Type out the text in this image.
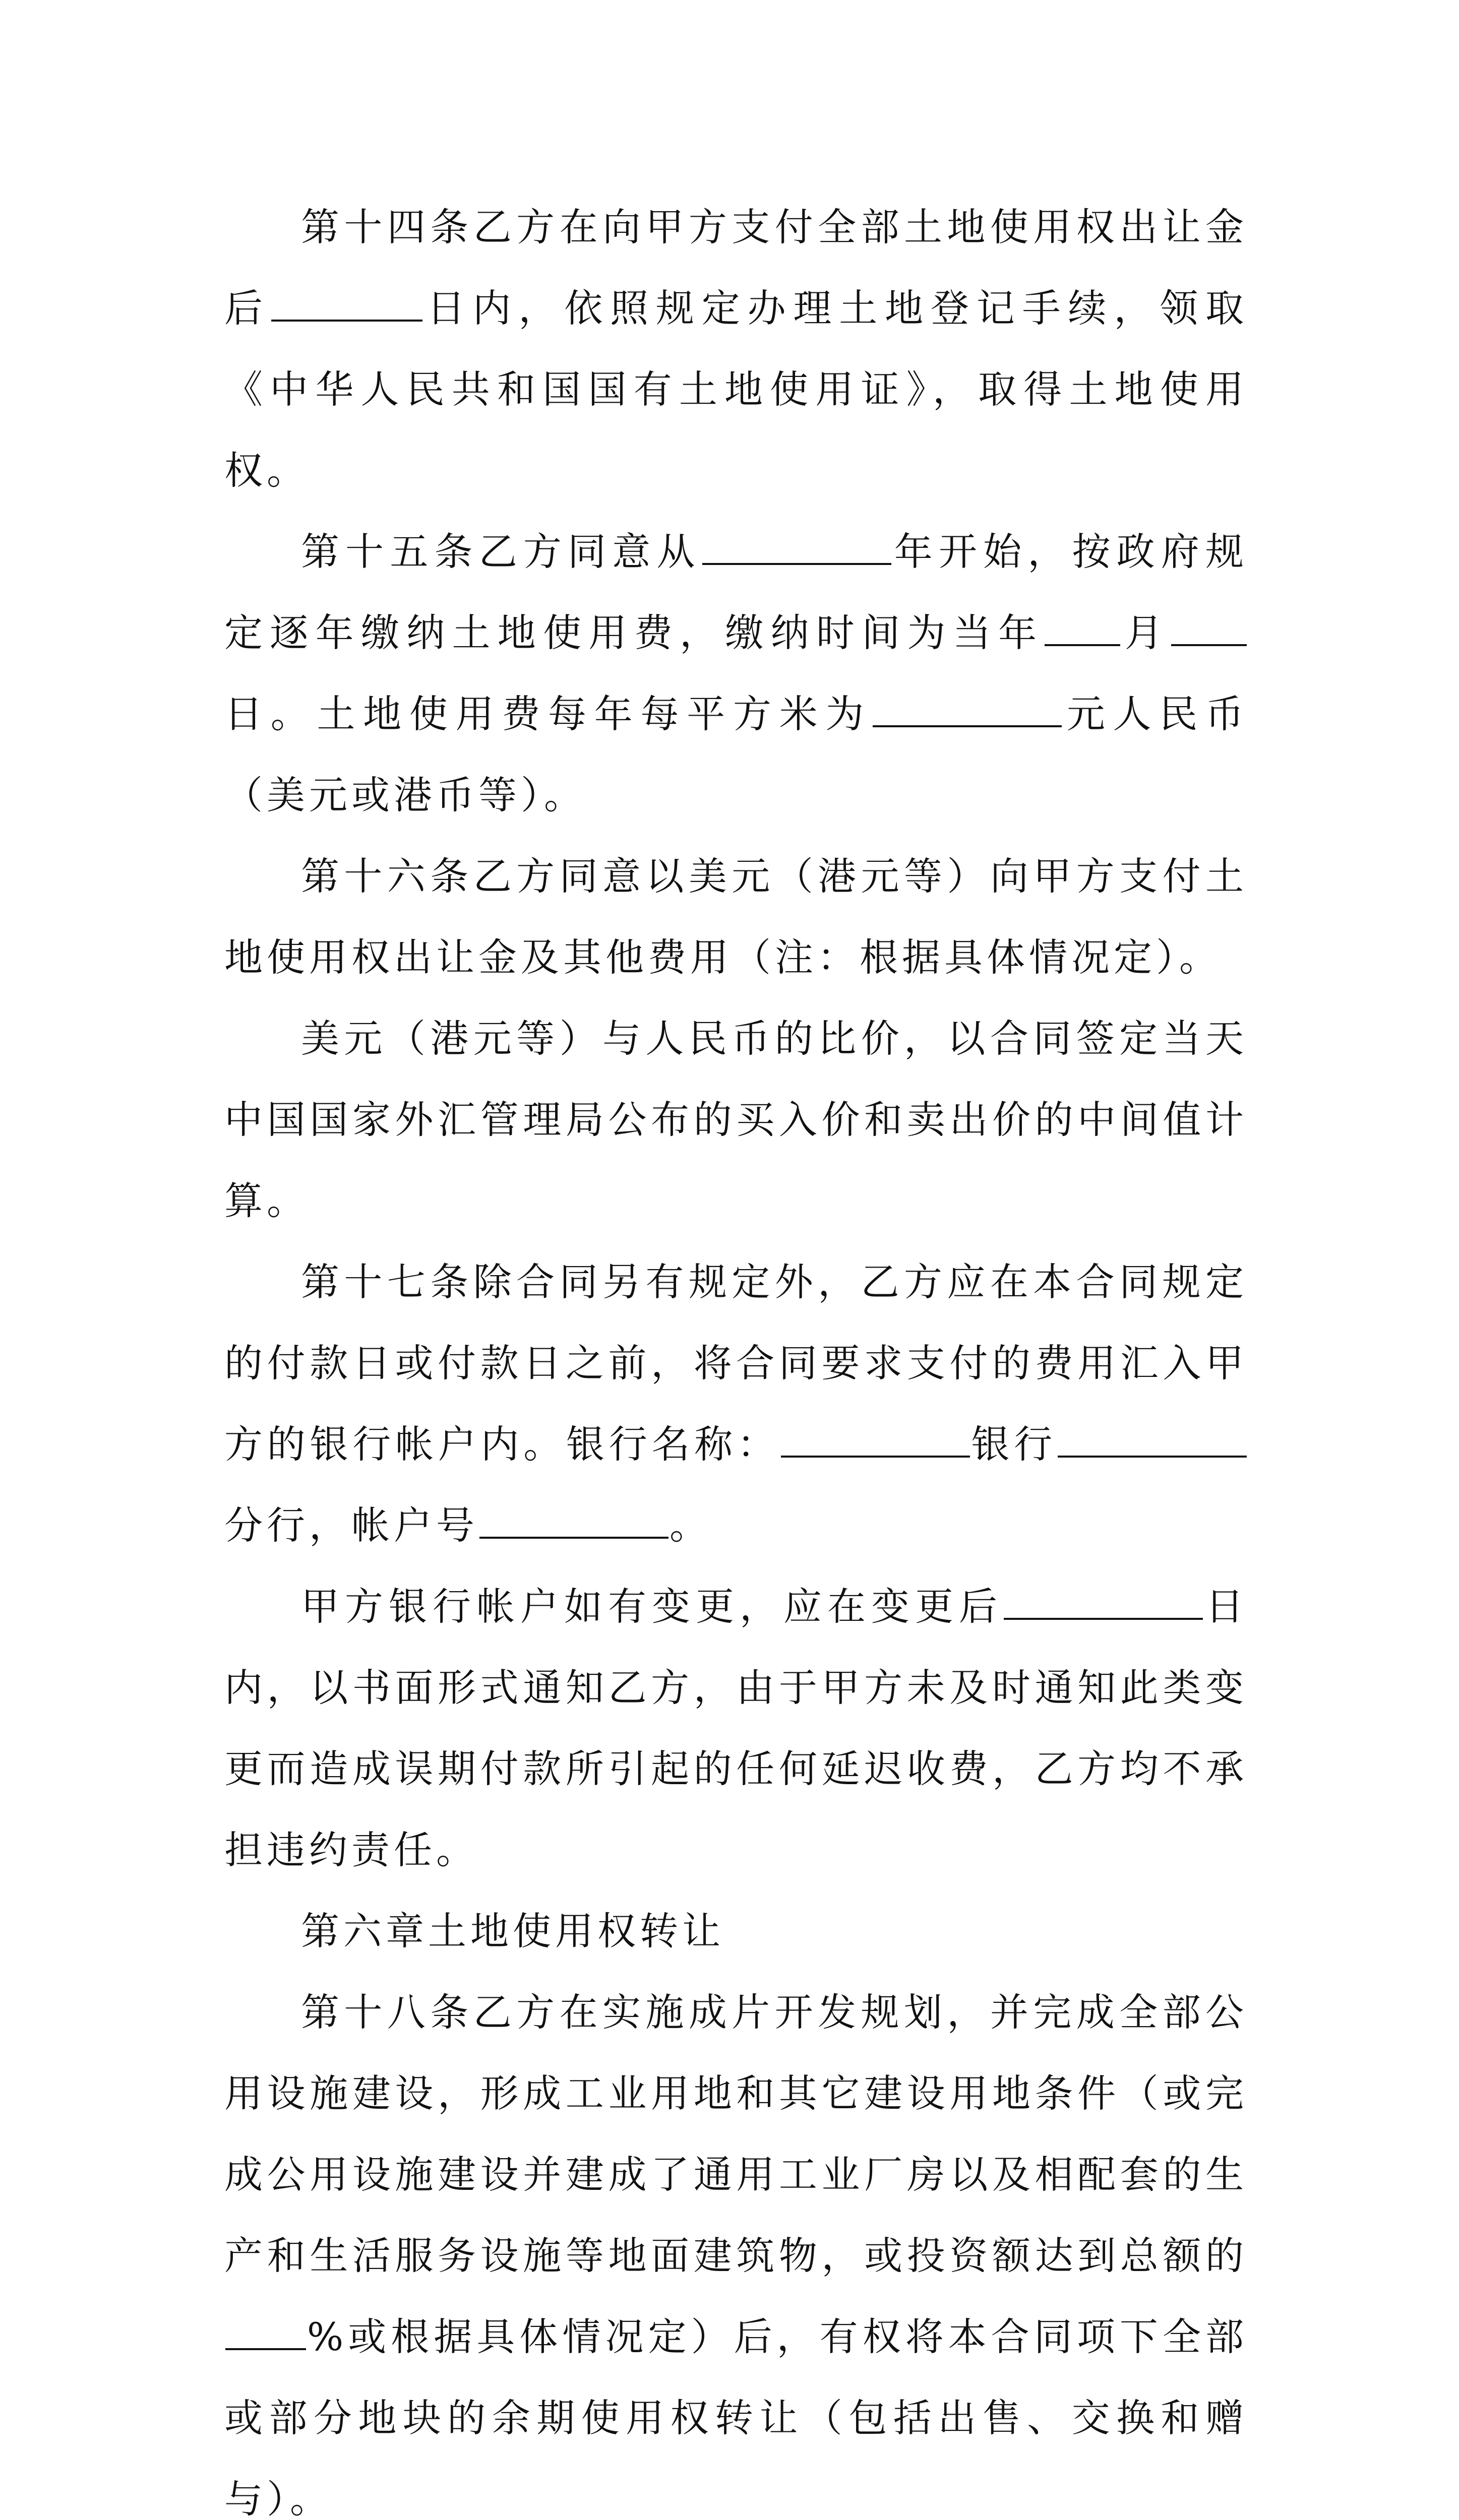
第十四条乙方在向甲方支付全部土地使用权出让金后	日内，依照规定办理土地登记手续，领取《中华人民共和国国有土地使用证》，取得土地使用权。

第十五条乙方同意从	年开始，按政府规定逐年缴纳土地使用费，缴纳时间为当年 月日。土地使用费每年每平方米为	元人民币（美元或港币等）。

第十六条乙方同意以美元（港元等）向甲方支付土地使用权出让金及其他费用（注：根据具体情况定）。

美元（港元等）与人民币的比价，以合同签定当天中国国家外汇管理局公布的买入价和卖出价的中间值计算。

第十七条除合同另有规定外，乙方应在本合同规定的付款日或付款日之前，将合同要求支付的费用汇入甲方的银行帐户内。银行名称：	银行分行，帐户号	。

甲方银行帐户如有变更，应在变更后	日内，以书面形式通知乙方，由于甲方未及时通知此类变更而造成误期付款所引起的任何延迟收费，乙方均不承担违约责任。

第六章土地使用权转让

第十八条乙方在实施成片开发规划，并完成全部公用设施建设，形成工业用地和其它建设用地条件（或完成公用设施建设并建成了通用工业厂房以及相配套的生产和生活服务设施等地面建筑物，或投资额达到总额的%或根据具体情况定）后，有权将本合同项下全部或部分地块的余期使用权转让（包括出售、交换和赠与）。
